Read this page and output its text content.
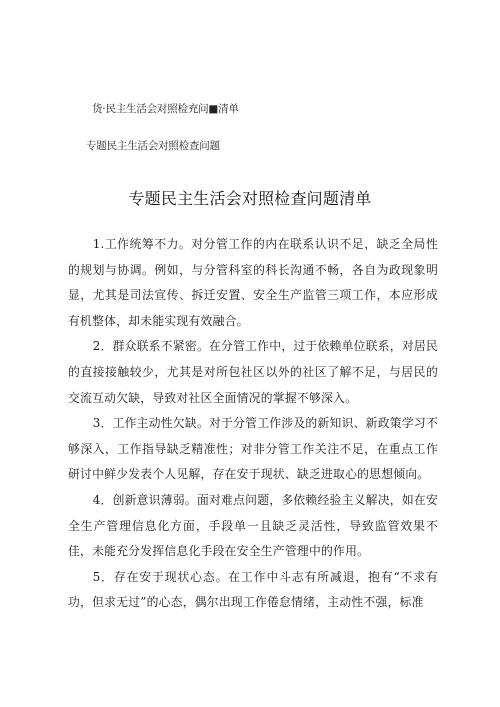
货·民主生活会对照检充问■清单
专题民主生活会对照检查问题
专题民主生活会对照检查问题清单

1.工作统筹不力。对分管工作的内在联系认识不足，缺乏全局性的规划与协调。例如，与分管科室的科长沟通不畅，各自为政现象明显，尤其是司法宣传、拆迁安置、安全生产监管三项工作，本应形成有机整体，却未能实现有效融合。

2．群众联系不紧密。在分管工作中，过于依赖单位联系，对居民的直接接触较少，尤其是对所包社区以外的社区了解不足，与居民的交流互动欠缺，导致对社区全面情况的掌握不够深入。

3．工作主动性欠缺。对于分管工作涉及的新知识、新政策学习不够深入，工作指导缺乏精准性；对非分管工作关注不足，在重点工作研讨中鲜少发表个人见解，存在安于现状、缺乏进取心的思想倾向。

4．创新意识薄弱。面对难点问题，多依赖经验主义解决，如在安全生产管理信息化方面，手段单一且缺乏灵活性，导致监管效果不佳，未能充分发挥信息化手段在安全生产管理中的作用。

5．存在安于现状心态。在工作中斗志有所减退，抱有“不求有功，但求无过”的心态，偶尔出现工作倦怠情绪，主动性不强，标准
